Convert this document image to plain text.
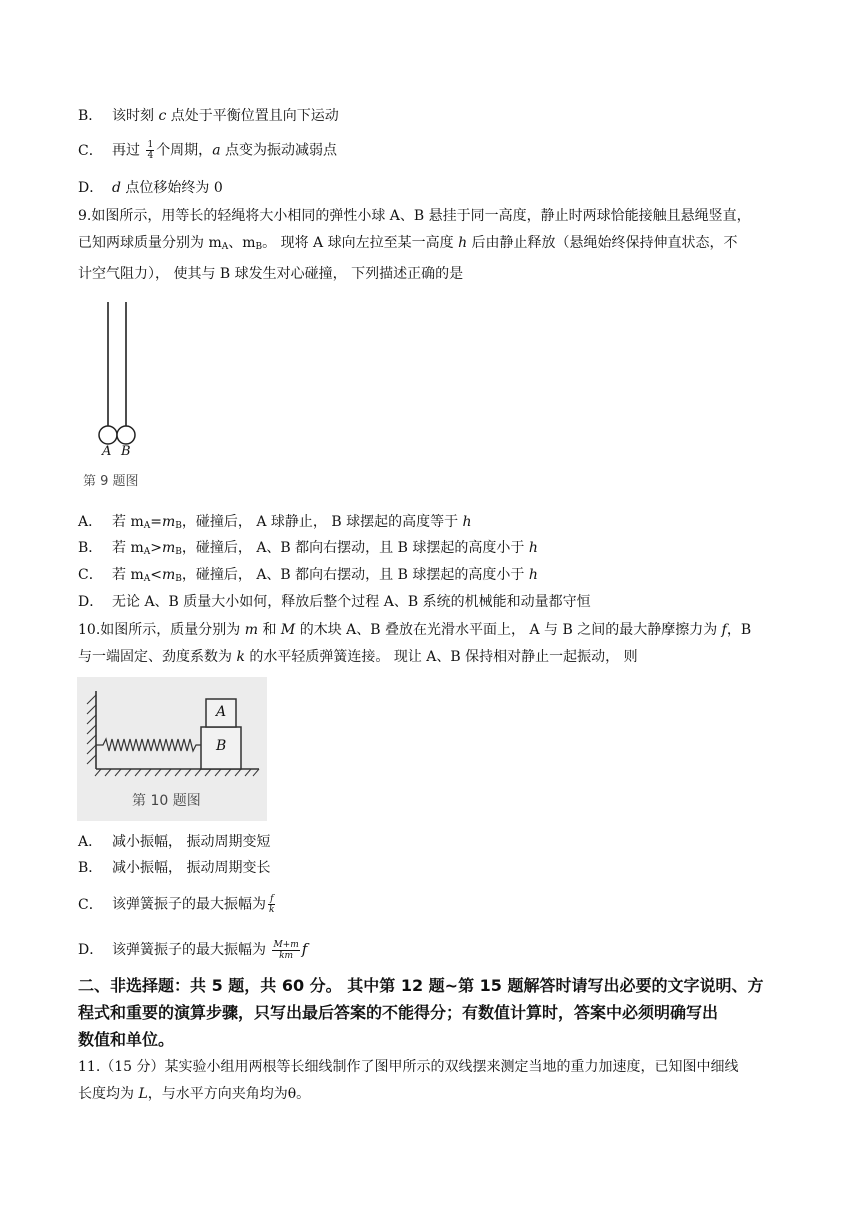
B． 该时刻 c 点处于平衡位置且向下运动
C． 再过 $\frac{1}{4}$ 个周期，a 点变为振动减弱点
D． d 点位移始终为 0
9.如图所示，用等长的轻绳将大小相同的弹性小球 A、B 悬挂于同一高度，静止时两球恰能接触且悬绳竖直，
已知两球质量分别为 $m_A$、$m_B$。 现将 A 球向左拉至某一高度 h 后由静止释放（悬绳始终保持伸直状态，不
计空气阻力）， 使其与 B 球发生对心碰撞， 下列描述正确的是
A B
第 9 题图
A． 若 $m_A=m_B$，碰撞后， A 球静止， B 球摆起的高度等于 h
B． 若 $m_A>m_B$，碰撞后， A、B 都向右摆动，且 B 球摆起的高度小于 h
C． 若 $m_A<m_B$，碰撞后， A、B 都向右摆动，且 B 球摆起的高度小于 h
D． 无论 A、B 质量大小如何，释放后整个过程 A、B 系统的机械能和动量都守恒
10.如图所示，质量分别为 m 和 M 的木块 A、B 叠放在光滑水平面上， A 与 B 之间的最大静摩擦力为 f，B
与一端固定、劲度系数为 k 的水平轻质弹簧连接。 现让 A、B 保持相对静止一起振动， 则
A
B
第 10 题图
A． 减小振幅， 振动周期变短
B． 减小振幅， 振动周期变长
C． 该弹簧振子的最大振幅为 $\frac{f}{k}$
D． 该弹簧振子的最大振幅为 $\frac{M+m}{km}$ f
二、非选择题：共 5 题，共 60 分。 其中第 12 题~第 15 题解答时请写出必要的文字说明、方
程式和重要的演算步骤，只写出最后答案的不能得分；有数值计算时，答案中必须明确写出
数值和单位。
11.（15 分）某实验小组用两根等长细线制作了图甲所示的双线摆来测定当地的重力加速度，已知图中细线
长度均为 L，与水平方向夹角均为θ。
